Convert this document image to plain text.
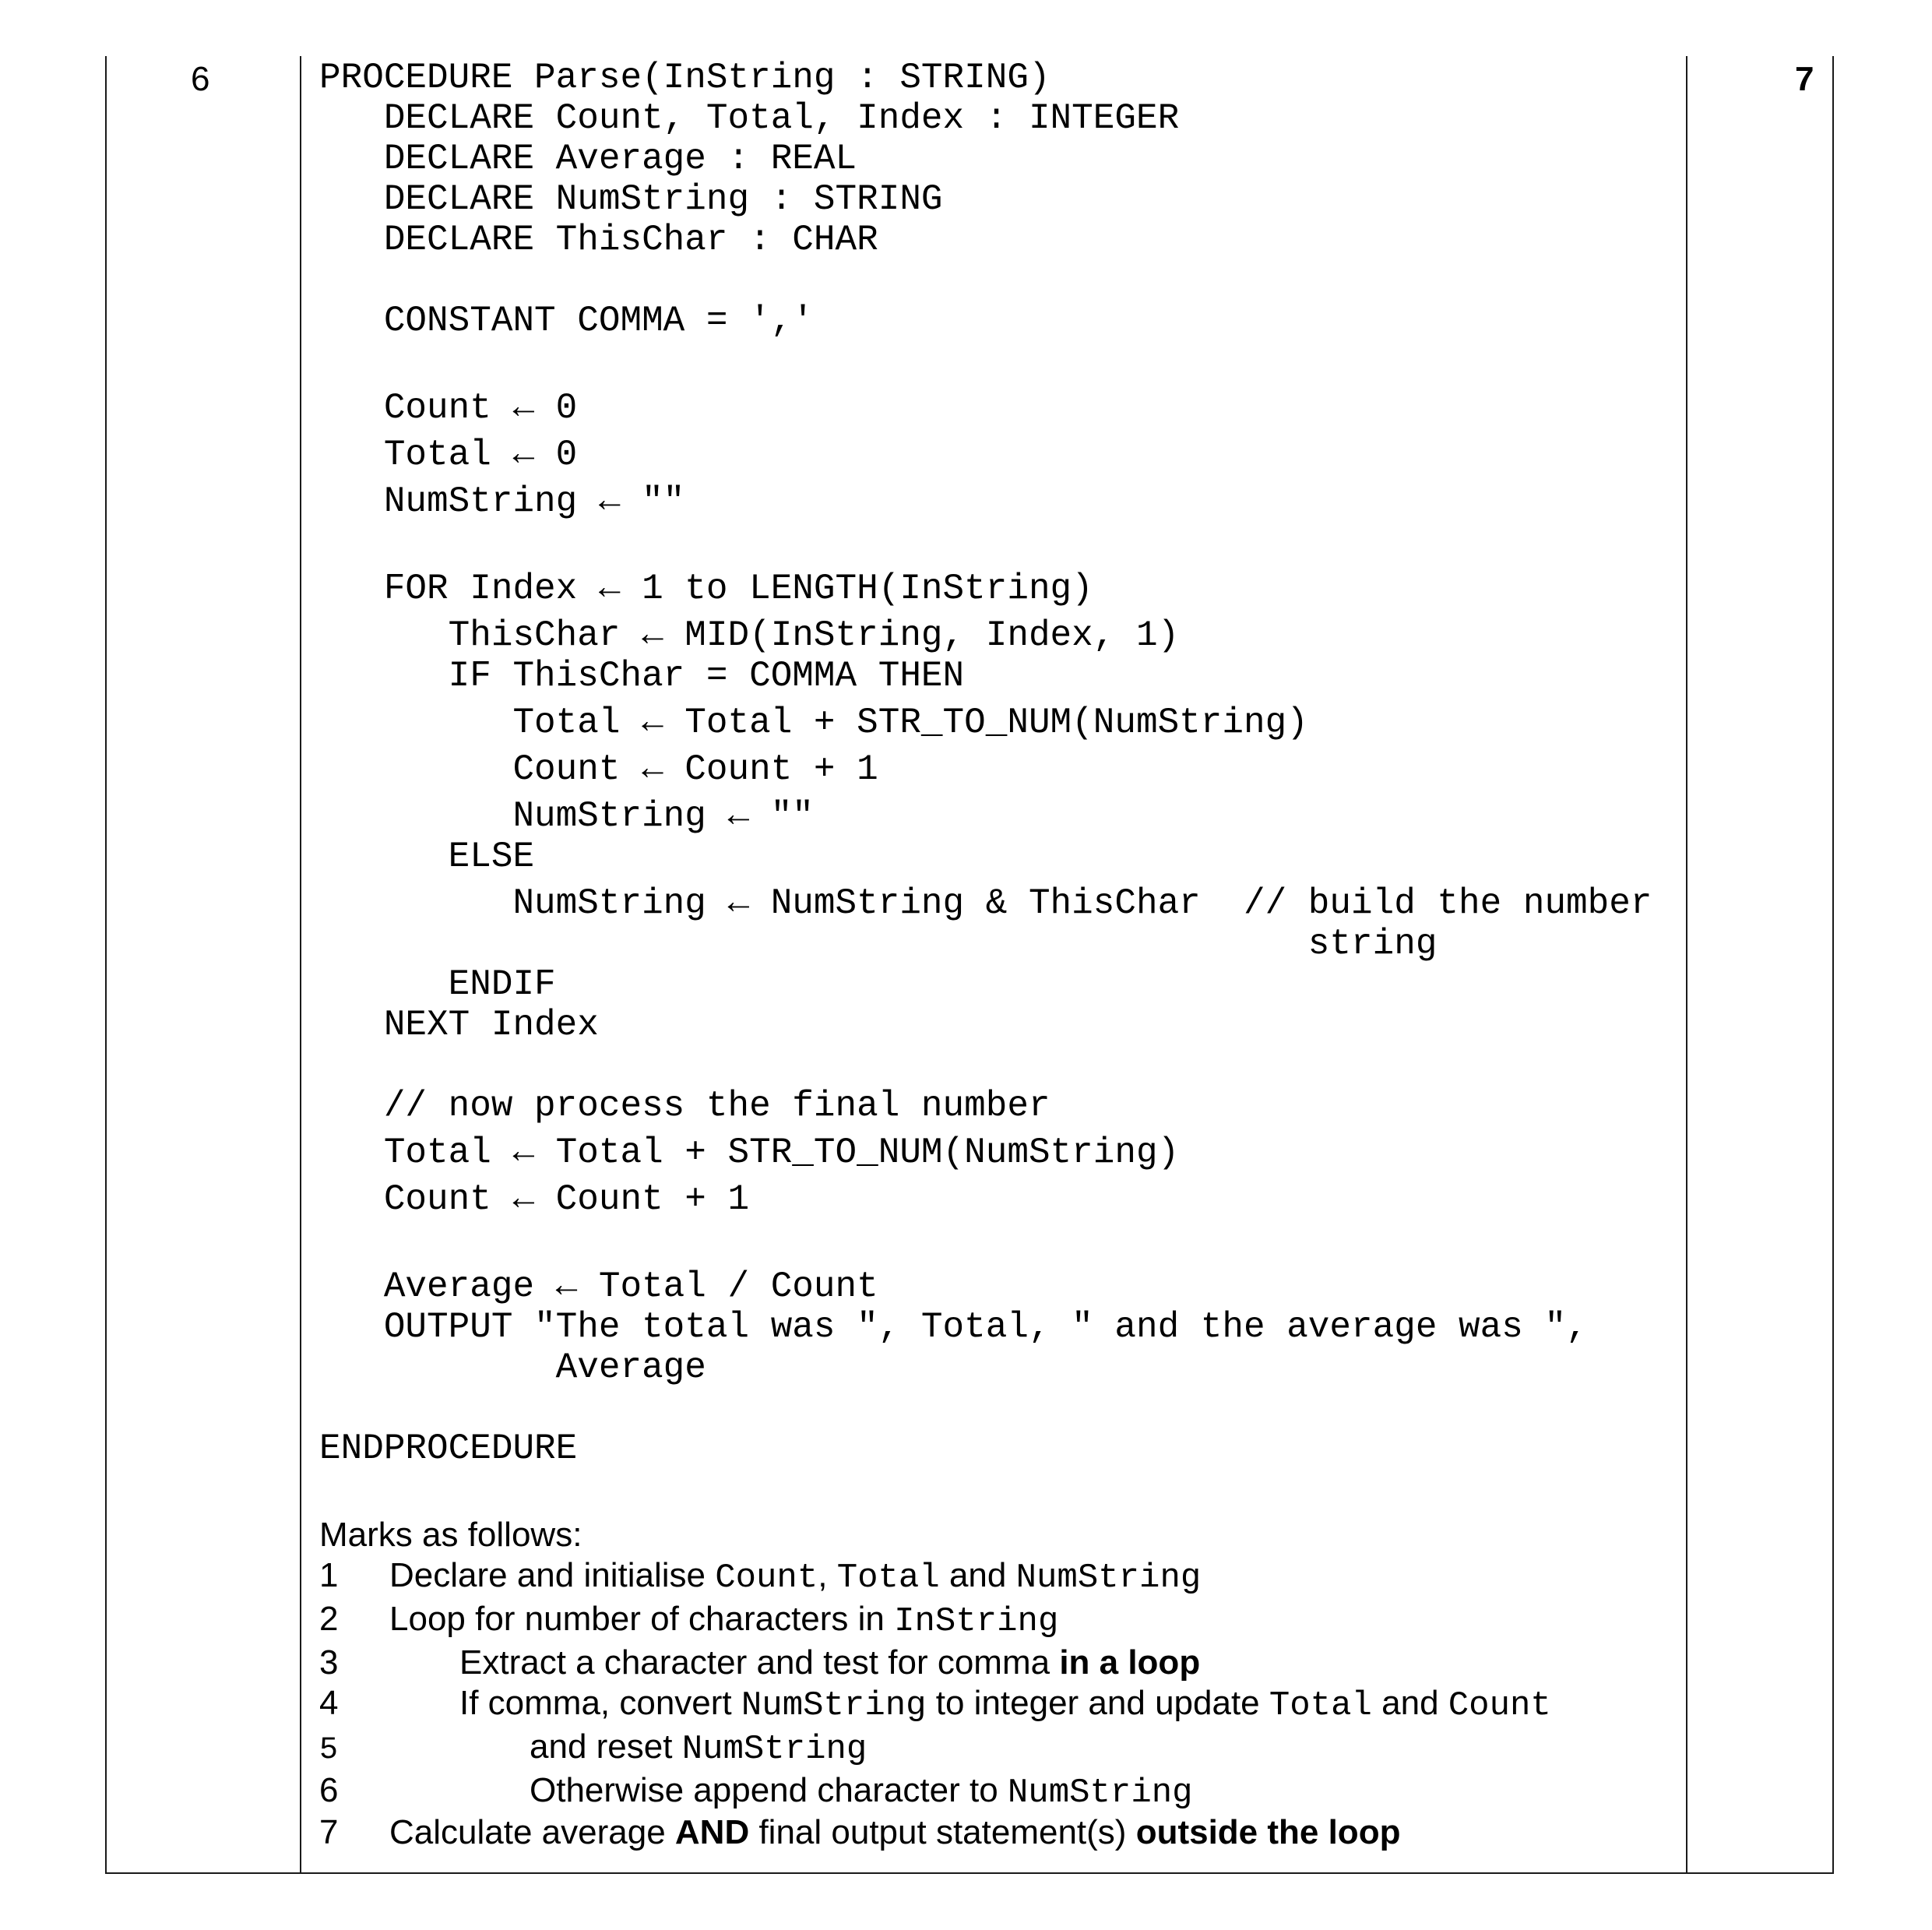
6	7
PROCEDURE Parse(InString : STRING)
DECLARE Count, Total, Index : INTEGER
DECLARE Average : REAL
DECLARE NumString : STRING
DECLARE ThisChar : CHAR
CONSTANT COMMA = ','
Count ← 0
Total ← 0
NumString ← ""
FOR Index ← 1 to LENGTH(InString)
ThisChar ← MID(InString, Index, 1)
IF ThisChar = COMMA THEN
Total ← Total + STR_TO_NUM(NumString)
Count ← Count + 1
NumString ← ""
ELSE
NumString ← NumString & ThisChar  // build the number
string
ENDIF
NEXT Index
// now process the final number
Total ← Total + STR_TO_NUM(NumString)
Count ← Count + 1
Average ← Total / Count
OUTPUT "The total was ", Total, " and the average was ",
Average
ENDPROCEDURE
Marks as follows:
1 Declare and initialise Count, Total and NumString
2 Loop for number of characters in InString
3	Extract a character and test for comma in a loop
4	If comma, convert NumString to integer and update Total and Count
5	and reset NumString
6	Otherwise append character to NumString
7 Calculate average AND final output statement(s) outside the loop
